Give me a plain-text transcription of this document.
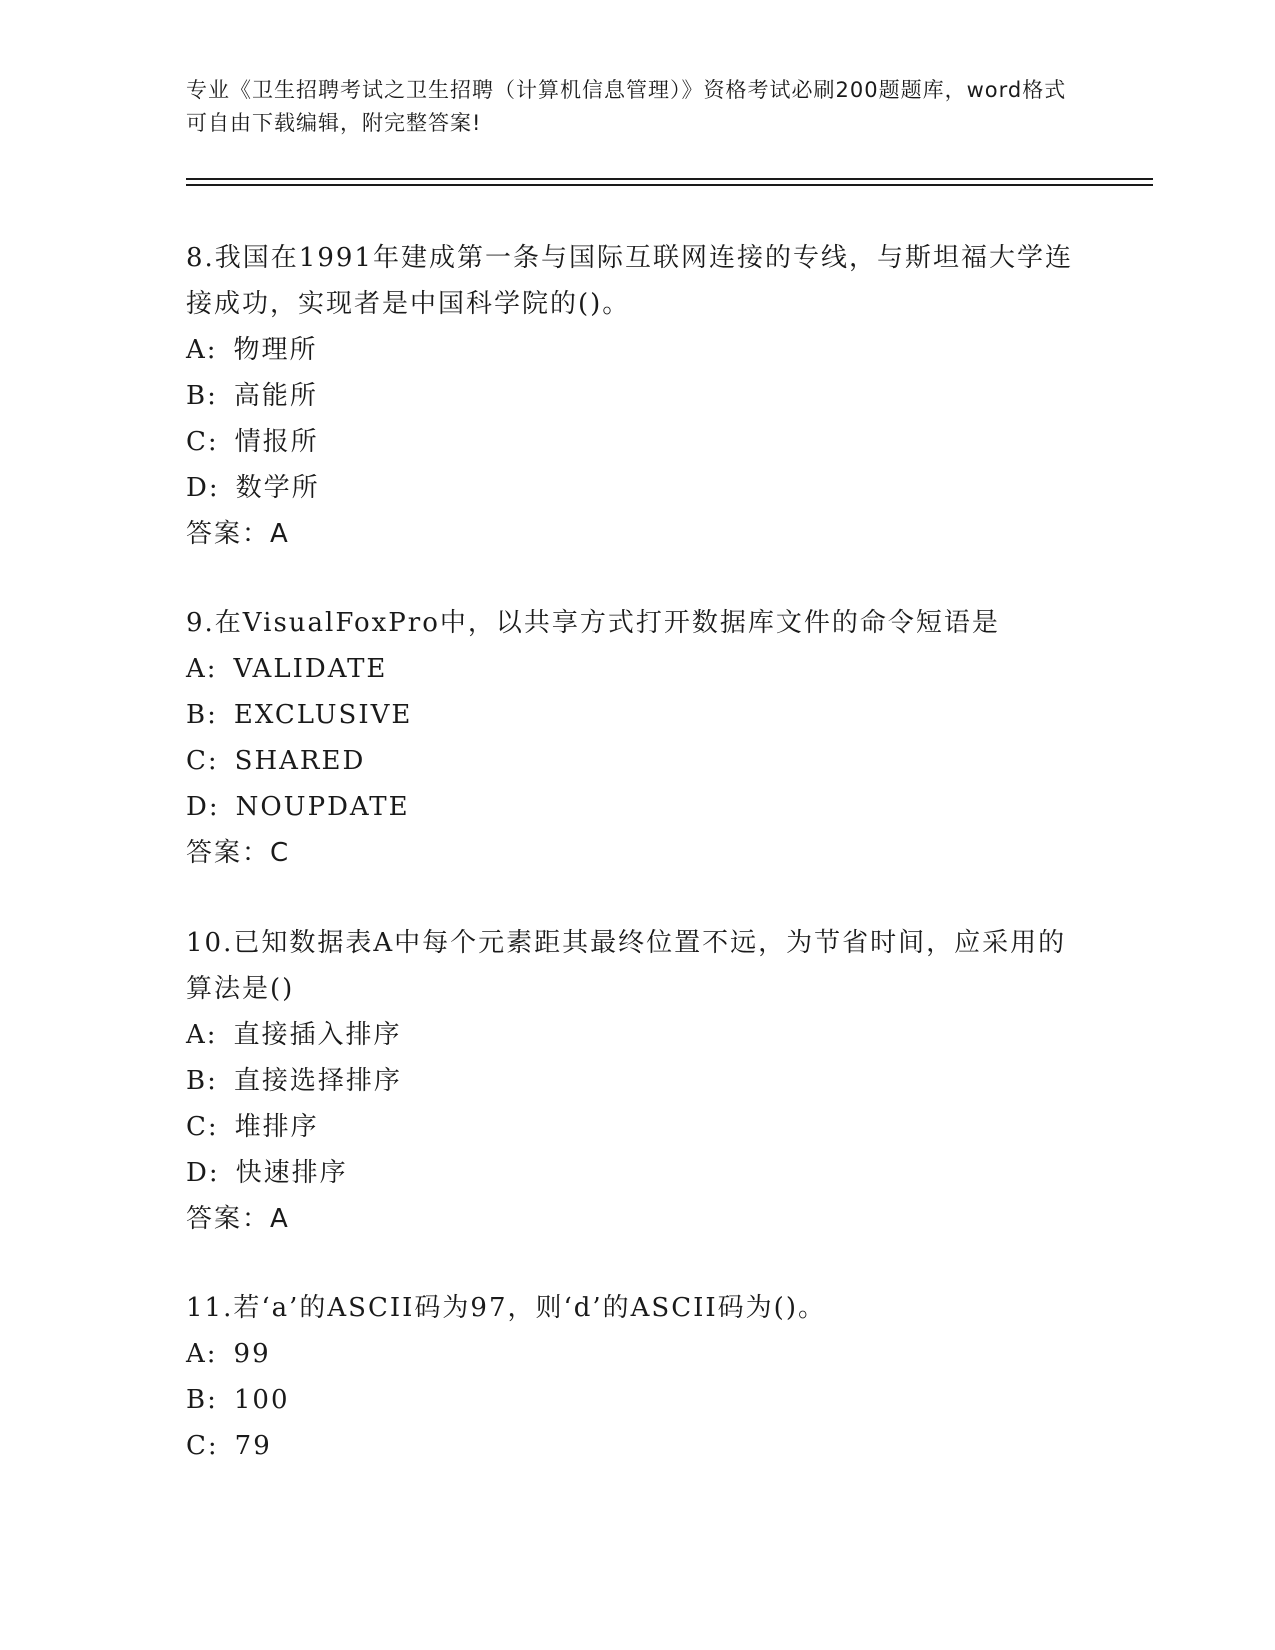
专业《卫生招聘考试之卫生招聘（计算机信息管理）》资格考试必刷200题题库，word格式可自由下载编辑，附完整答案!

8.我国在1991年建成第一条与国际互联网连接的专线，与斯坦福大学连接成功，实现者是中国科学院的()。

A: 物理所

B: 高能所

C: 情报所

D: 数学所

答案：A

9.在VisualFoxPro中，以共享方式打开数据库文件的命令短语是

A: VALIDATE

B: EXCLUSIVE

C: SHARED

D: NOUPDATE

答案：C

10.已知数据表A中每个元素距其最终位置不远，为节省时间，应采用的算法是()

A: 直接插入排序

B: 直接选择排序

C: 堆排序

D: 快速排序

答案：A

11.若‘a’的ASCII码为97，则‘d’的ASCII码为()。

A: 99

B: 100

C: 79
